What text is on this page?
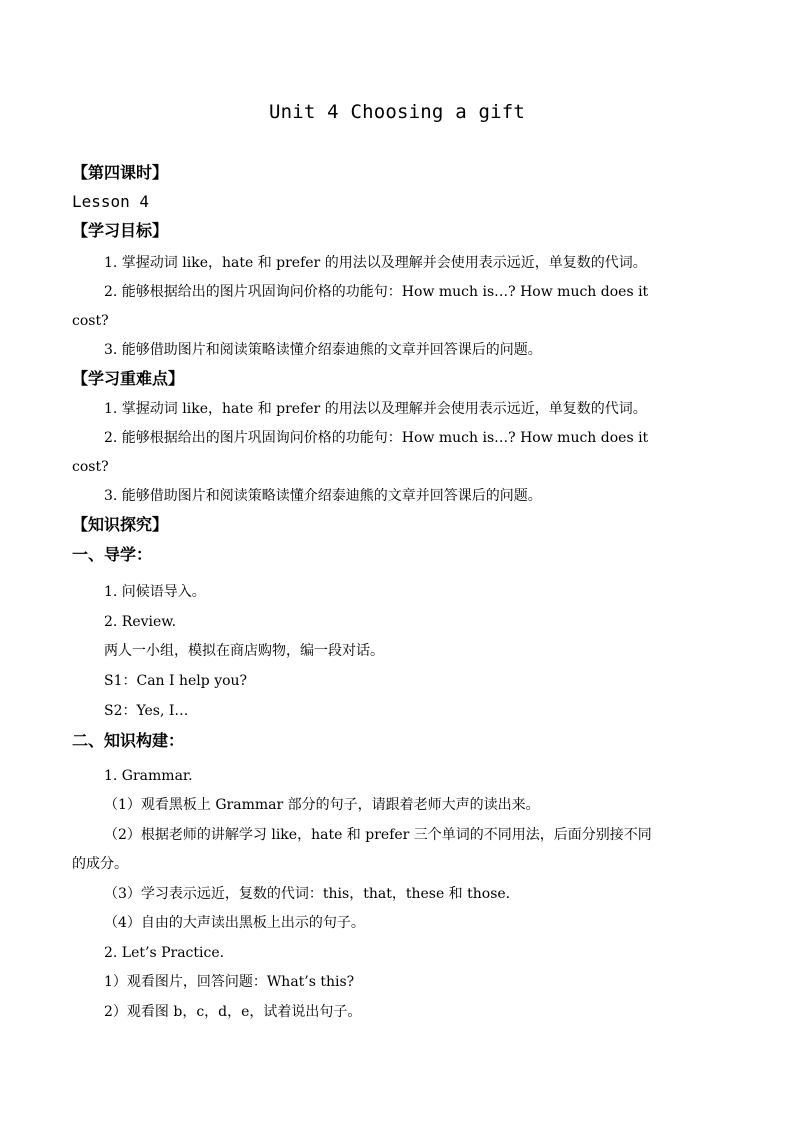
Unit 4 Choosing a gift
【第四课时】
Lesson 4
【学习目标】
1. 掌握动词 like，hate 和 prefer 的用法以及理解并会使用表示远近，单复数的代词。
2. 能够根据给出的图片巩固询问价格的功能句：How much is…? How much does it
cost?
3. 能够借助图片和阅读策略读懂介绍泰迪熊的文章并回答课后的问题。
【学习重难点】
1. 掌握动词 like，hate 和 prefer 的用法以及理解并会使用表示远近，单复数的代词。
2. 能够根据给出的图片巩固询问价格的功能句：How much is…? How much does it
cost?
3. 能够借助图片和阅读策略读懂介绍泰迪熊的文章并回答课后的问题。
【知识探究】
一、导学：
1. 问候语导入。
2. Review.
两人一小组，模拟在商店购物，编一段对话。
S1：Can I help you?
S2：Yes, I…
二、知识构建：
1. Grammar.
（1）观看黑板上 Grammar 部分的句子，请跟着老师大声的读出来。
（2）根据老师的讲解学习 like，hate 和 prefer 三个单词的不同用法，后面分别接不同
的成分。
（3）学习表示远近，复数的代词：this，that，these 和 those.
（4）自由的大声读出黑板上出示的句子。
2. Let’s Practice.
1）观看图片，回答问题：What’s this?
2）观看图 b，c，d，e，试着说出句子。
